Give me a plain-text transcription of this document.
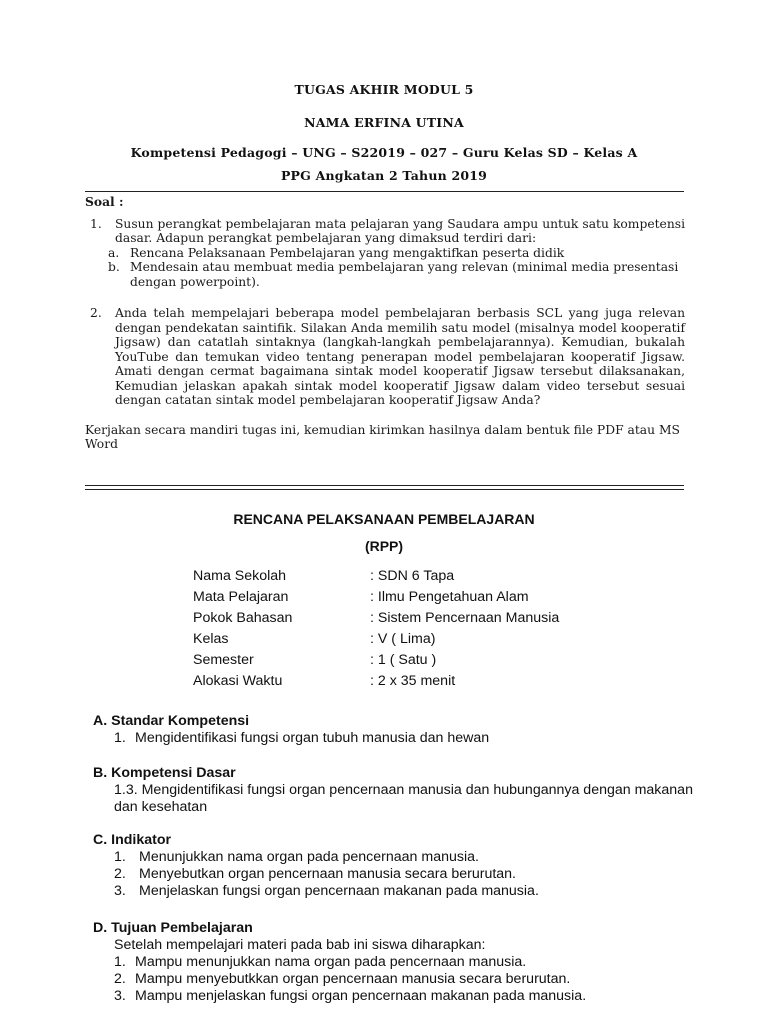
TUGAS AKHIR MODUL 5
NAMA ERFINA UTINA
Kompetensi Pedagogi – UNG – S22019 – 027 – Guru Kelas SD – Kelas A
PPG Angkatan 2 Tahun 2019
Soal :
1. Susun perangkat pembelajaran mata pelajaran yang Saudara ampu untuk satu kompetensi dasar. Adapun perangkat pembelajaran yang dimaksud terdiri dari:

a. Rencana Pelaksanaan Pembelajaran yang mengaktifkan peserta didik

b. Mendesain atau membuat media pembelajaran yang relevan (minimal media presentasi dengan powerpoint).

2. Anda telah mempelajari beberapa model pembelajaran berbasis SCL yang juga relevan dengan pendekatan saintifik. Silakan Anda memilih satu model (misalnya model kooperatif Jigsaw) dan catatlah sintaknya (langkah-langkah pembelajarannya). Kemudian, bukalah YouTube dan temukan video tentang penerapan model pembelajaran kooperatif Jigsaw. Amati dengan cermat bagaimana sintak model kooperatif Jigsaw tersebut dilaksanakan, Kemudian jelaskan apakah sintak model kooperatif Jigsaw dalam video tersebut sesuai dengan catatan sintak model pembelajaran kooperatif Jigsaw Anda?

Kerjakan secara mandiri tugas ini, kemudian kirimkan hasilnya dalam bentuk file PDF atau MS Word
RENCANA PELAKSANAAN PEMBELAJARAN
(RPP)
Nama Sekolah	: SDN 6 Tapa
Mata Pelajaran	: Ilmu Pengetahuan Alam
Pokok Bahasan	: Sistem Pencernaan Manusia
Kelas	: V ( Lima)
Semester	: 1 ( Satu )
Alokasi Waktu	: 2 x 35 menit
A. Standar Kompetensi
1. Mengidentifikasi fungsi organ tubuh manusia dan hewan
B. Kompetensi Dasar
1.3. Mengidentifikasi fungsi organ pencernaan manusia dan hubungannya dengan makanan dan kesehatan
C. Indikator
1. Menunjukkan nama organ pada pencernaan manusia.
2. Menyebutkan organ pencernaan manusia secara berurutan.
3. Menjelaskan fungsi organ pencernaan makanan pada manusia.
D. Tujuan Pembelajaran
Setelah mempelajari materi pada bab ini siswa diharapkan:
1. Mampu menunjukkan nama organ pada pencernaan manusia.
2. Mampu menyebutkkan organ pencernaan manusia secara berurutan.
3. Mampu menjelaskan fungsi organ pencernaan makanan pada manusia.
